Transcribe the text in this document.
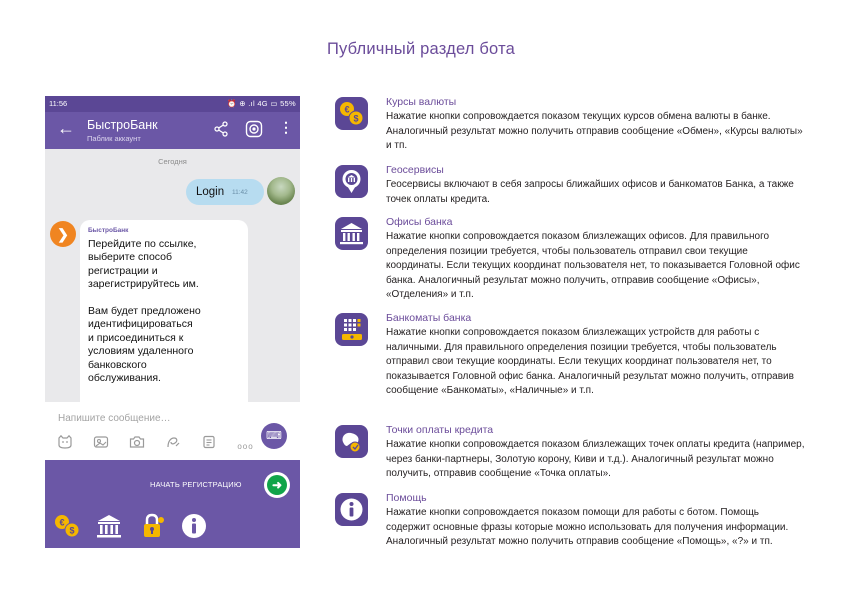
Публичный раздел бота
11:56	⏰ ⊕ .ıl 4G ▭ 55%
← БыстроБанк
Паблик аккаунт
⋮
Сегодня
Login 11:42
❯	БыстроБанк
Перейдите по ссылке,
выберите способ
регистрации и
зарегистрируйтесь им.

Вам будет предложено
идентифицироваться
и присоединиться к
условиям удаленного
банковского
обслуживания.
Напишите сообщение…
ooo
⌨
НАЧАТЬ РЕГИСТРАЦИЮ	➜
€
$
€
$
Курсы валюты
Нажатие кнопки сопровождается показом текущих курсов обмена валюты в банке. Аналогичный результат можно получить отправив сообщение «Обмен», «Курсы валюты» и тп.
Геосервисы
Геосервисы включают в себя запросы ближайших офисов и банкоматов Банка, а также точек оплаты кредита.
Офисы банка
Нажатие кнопки сопровождается показом близлежащих офисов. Для правильного определения позиции требуется, чтобы пользователь отправил свои текущие координаты. Если текущих координат пользователя нет, то показывается Головной офис банка. Аналогичный результат можно получить, отправив сообщение «Офисы», «Отделения» и т.п.
Банкоматы банка
Нажатие кнопки сопровождается показом близлежащих устройств для работы с наличными. Для правильного определения позиции требуется, чтобы пользователь отправил свои текущие координаты. Если текущих координат пользователя нет, то показывается Головной офис банка. Аналогичный результат можно получить, отправив сообщение «Банкоматы», «Наличные» и т.п.
Точки оплаты кредита
Нажатие кнопки сопровождается показом близлежащих точек оплаты кредита (например, через банки-партнеры, Золотую корону, Киви и т.д.). Аналогичный результат можно получить, отправив сообщение «Точка оплаты».
Помощь
Нажатие кнопки сопровождается показом помощи для работы с ботом. Помощь содержит основные фразы которые можно использовать для получения информации. Аналогичный результат можно получить отправив сообщение «Помощь», «?» и тп.
